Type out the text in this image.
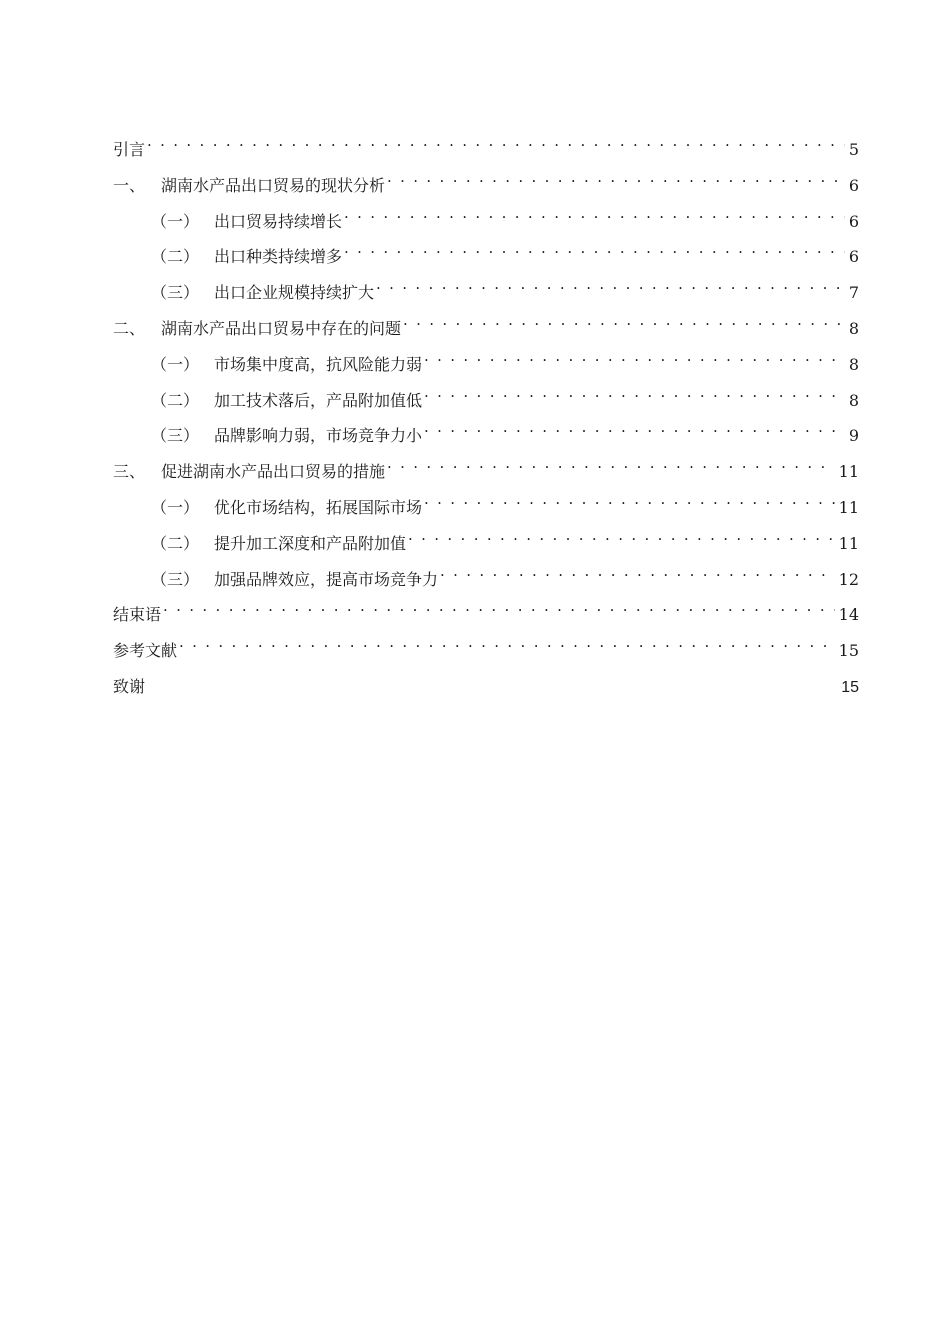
引言 . . .	5
一、 湖南水产品出口贸易的现状分析 . . .	6
（一） 出口贸易持续增长 . . .	6
（二） 出口种类持续增多 . . .	6
（三） 出口企业规模持续扩大 . . .	7
二、 湖南水产品出口贸易中存在的问题 . . .	8
（一） 市场集中度高，抗风险能力弱 . . .	8
（二） 加工技术落后，产品附加值低 . . .	8
（三） 品牌影响力弱，市场竞争力小 . . .	9
三、 促进湖南水产品出口贸易的措施 . . .	11
（一） 优化市场结构，拓展国际市场 . . .	11
（二） 提升加工深度和产品附加值 . . .	11
（三） 加强品牌效应，提高市场竞争力 . . .	12
结束语 . . .	14
参考文献 . . .	15
致谢 .....	15
